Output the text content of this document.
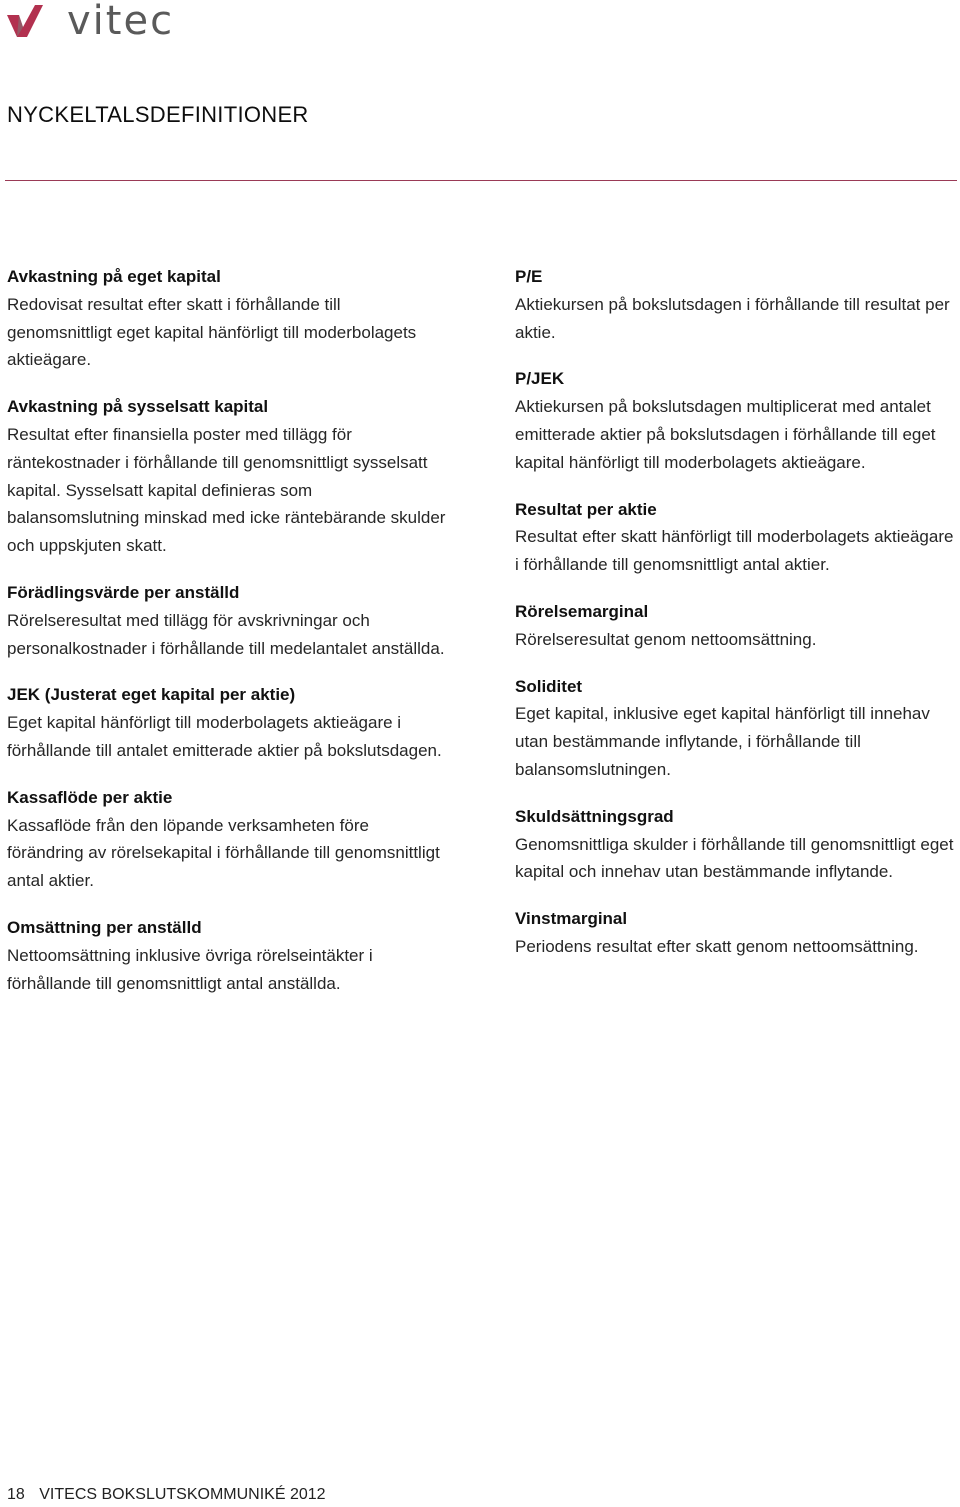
vitec
NYCKELTALSDEFINITIONER

Avkastning på eget kapital
Redovisat resultat efter skatt i förhållande till genomsnittligt eget kapital hänförligt till moderbolagets aktieägare.

Avkastning på sysselsatt kapital
Resultat efter finansiella poster med tillägg för räntekostnader i förhållande till genomsnittligt sysselsatt kapital. Sysselsatt kapital definieras som balansomslutning minskad med icke räntebärande skulder och uppskjuten skatt.

Förädlingsvärde per anställd
Rörelseresultat med tillägg för avskrivningar och personalkostnader i förhållande till medelantalet anställda.

JEK (Justerat eget kapital per aktie)
Eget kapital hänförligt till moderbolagets aktieägare i förhållande till antalet emitterade aktier på bokslutsdagen.

Kassaflöde per aktie
Kassaflöde från den löpande verksamheten före förändring av rörelsekapital i förhållande till genomsnittligt antal aktier.

Omsättning per anställd
Nettoomsättning inklusive övriga rörelseintäkter i förhållande till genomsnittligt antal anställda.

P/E
Aktiekursen på bokslutsdagen i förhållande till resultat per aktie.

P/JEK
Aktiekursen på bokslutsdagen multiplicerat med antalet emitterade aktier på bokslutsdagen i förhållande till eget kapital hänförligt till moderbolagets aktieägare.

Resultat per aktie
Resultat efter skatt hänförligt till moderbolagets aktieägare i förhållande till genomsnittligt antal aktier.

Rörelsemarginal
Rörelseresultat genom nettoomsättning.

Soliditet
Eget kapital, inklusive eget kapital hänförligt till innehav utan bestämmande inflytande, i förhållande till balansomslutningen.

Skuldsättningsgrad
Genomsnittliga skulder i förhållande till genomsnittligt eget kapital och innehav utan bestämmande inflytande.

Vinstmarginal
Periodens resultat efter skatt genom nettoomsättning.

18 VITECS BOKSLUTSKOMMUNIKÉ 2012
